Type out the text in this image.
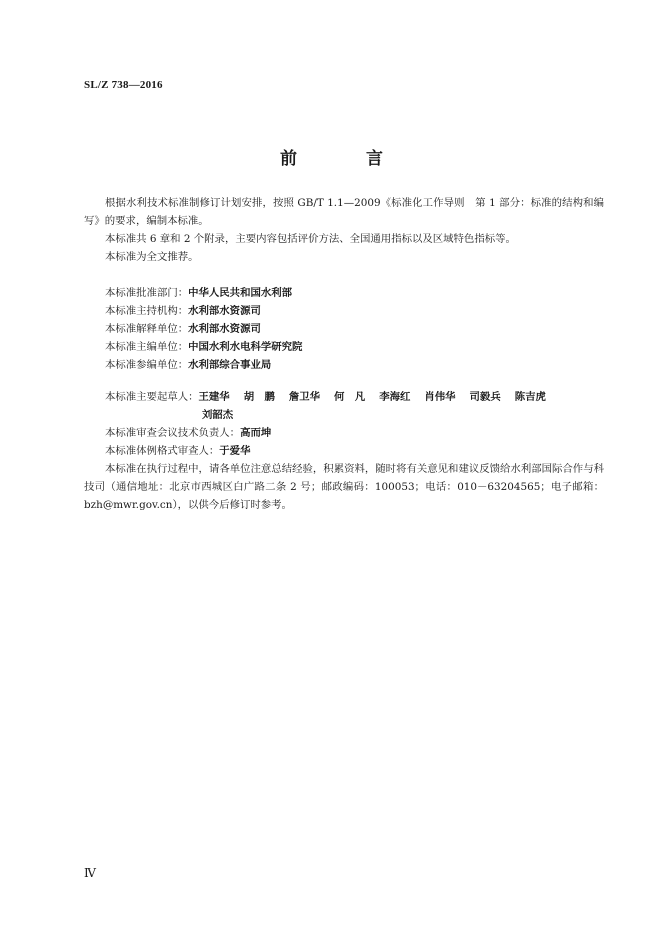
SL/Z 738—2016
前　言

根据水利技术标准制修订计划安排，按照 GB/T 1.1—2009《标准化工作导则　第 1 部分：标准的结构和编写》的要求，编制本标准。

本标准共 6 章和 2 个附录，主要内容包括评价方法、全国通用指标以及区域特色指标等。

本标准为全文推荐。

本标准批准部门：中华人民共和国水利部

本标准主持机构：水利部水资源司

本标准解释单位：水利部水资源司

本标准主编单位：中国水利水电科学研究院

本标准参编单位：水利部综合事业局

本标准主要起草人：王建华 胡　鹏 詹卫华 何　凡 李海红 肖伟华 司毅兵 陈吉虎

刘韶杰

本标准审查会议技术负责人：高而坤

本标准体例格式审查人：于爱华

本标准在执行过程中，请各单位注意总结经验，积累资料，随时将有关意见和建议反馈给水利部国际合作与科技司（通信地址：北京市西城区白广路二条 2 号；邮政编码：100053；电话：010－63204565；电子邮箱：bzh@mwr.gov.cn），以供今后修订时参考。

Ⅳ
